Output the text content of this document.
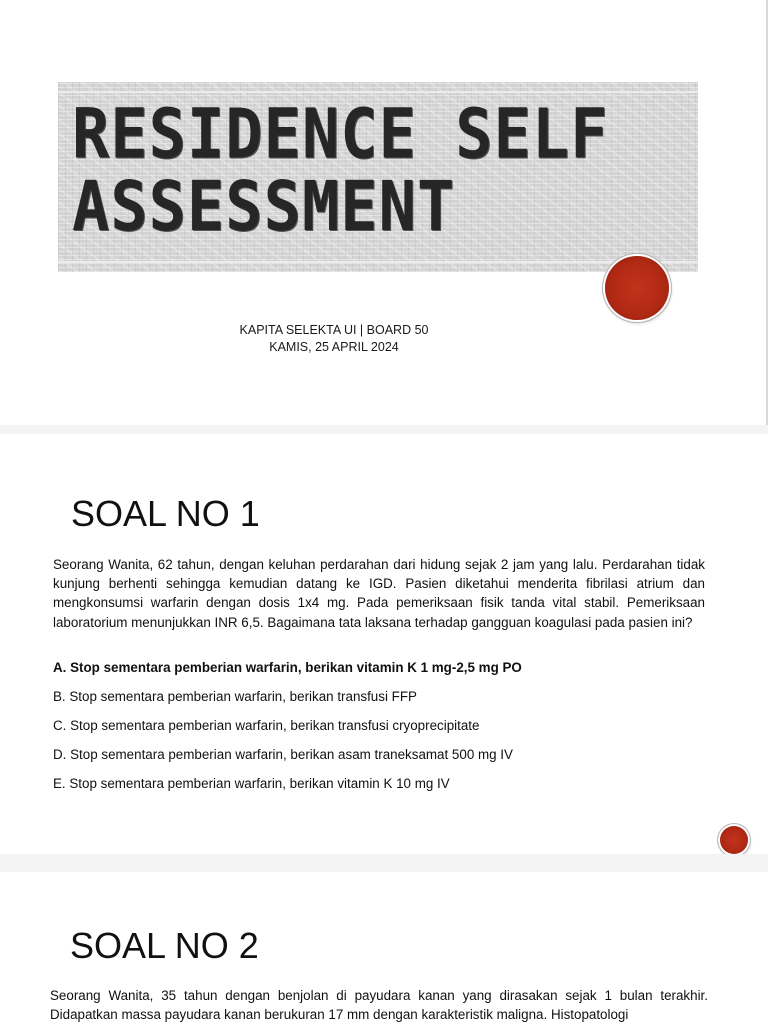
RESIDENCE SELF
ASSESSMENT
KAPITA SELEKTA UI | BOARD 50
KAMIS, 25 APRIL 2024
SOAL NO 1

Seorang Wanita, 62 tahun, dengan keluhan perdarahan dari hidung sejak 2 jam yang lalu. Perdarahan tidak kunjung berhenti sehingga kemudian datang ke IGD. Pasien diketahui menderita fibrilasi atrium dan mengkonsumsi warfarin dengan dosis 1x4 mg. Pada pemeriksaan fisik tanda vital stabil. Pemeriksaan laboratorium menunjukkan INR 6,5. Bagaimana tata laksana terhadap gangguan koagulasi pada pasien ini?

A. Stop sementara pemberian warfarin, berikan vitamin K 1 mg-2,5 mg PO
B. Stop sementara pemberian warfarin, berikan transfusi FFP
C. Stop sementara pemberian warfarin, berikan transfusi cryoprecipitate
D. Stop sementara pemberian warfarin, berikan asam traneksamat 500 mg IV
E. Stop sementara pemberian warfarin, berikan vitamin K 10 mg IV
SOAL NO 2

Seorang Wanita, 35 tahun dengan benjolan di payudara kanan yang dirasakan sejak 1 bulan terakhir. Didapatkan massa payudara kanan berukuran 17 mm dengan karakteristik maligna. Histopatologi
